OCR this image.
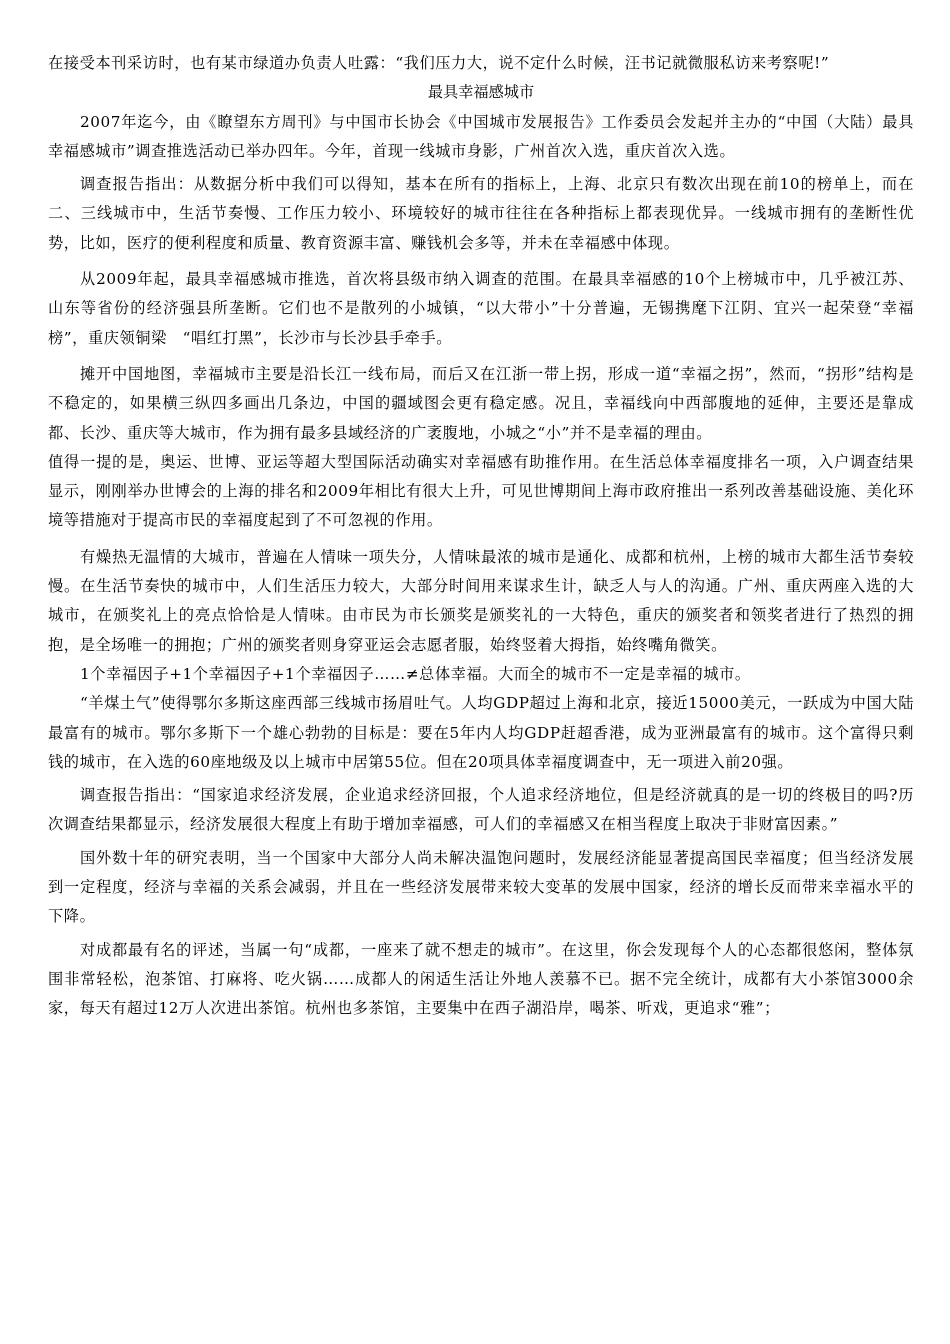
在接受本刊采访时，也有某市绿道办负责人吐露：“我们压力大，说不定什么时候，汪书记就微服私访来考察呢!”

最具幸福感城市

2007年迄今，由《瞭望东方周刊》与中国市长协会《中国城市发展报告》工作委员会发起并主办的“中国（大陆）最具幸福感城市”调查推选活动已举办四年。今年，首现一线城市身影，广州首次入选，重庆首次入选。

调查报告指出：从数据分析中我们可以得知，基本在所有的指标上，上海、北京只有数次出现在前10的榜单上，而在二、三线城市中，生活节奏慢、工作压力较小、环境较好的城市往往在各种指标上都表现优异。一线城市拥有的垄断性优势，比如，医疗的便利程度和质量、教育资源丰富、赚钱机会多等，并未在幸福感中体现。

从2009年起，最具幸福感城市推选，首次将县级市纳入调查的范围。在最具幸福感的10个上榜城市中，几乎被江苏、山东等省份的经济强县所垄断。它们也不是散列的小城镇，“以大带小”十分普遍，无锡携麾下江阴、宜兴一起荣登“幸福榜”，重庆领铜梁　“唱红打黑”，长沙市与长沙县手牵手。

摊开中国地图，幸福城市主要是沿长江一线布局，而后又在江浙一带上拐，形成一道“幸福之拐”，然而，“拐形”结构是不稳定的，如果横三纵四多画出几条边，中国的疆域图会更有稳定感。况且，幸福线向中西部腹地的延伸，主要还是靠成都、长沙、重庆等大城市，作为拥有最多县域经济的广袤腹地，小城之“小”并不是幸福的理由。

值得一提的是，奥运、世博、亚运等超大型国际活动确实对幸福感有助推作用。在生活总体幸福度排名一项，入户调查结果显示，刚刚举办世博会的上海的排名和2009年相比有很大上升，可见世博期间上海市政府推出一系列改善基础设施、美化环境等措施对于提高市民的幸福度起到了不可忽视的作用。

有燥热无温情的大城市，普遍在人情味一项失分，人情味最浓的城市是通化、成都和杭州，上榜的城市大都生活节奏较慢。在生活节奏快的城市中，人们生活压力较大，大部分时间用来谋求生计，缺乏人与人的沟通。广州、重庆两座入选的大城市，在颁奖礼上的亮点恰恰是人情味。由市民为市长颁奖是颁奖礼的一大特色，重庆的颁奖者和领奖者进行了热烈的拥抱，是全场唯一的拥抱；广州的颁奖者则身穿亚运会志愿者服，始终竖着大拇指，始终嘴角微笑。

1个幸福因子+1个幸福因子+1个幸福因子……≠总体幸福。大而全的城市不一定是幸福的城市。

“羊煤土气”使得鄂尔多斯这座西部三线城市扬眉吐气。人均GDP超过上海和北京，接近15000美元，一跃成为中国大陆最富有的城市。鄂尔多斯下一个雄心勃勃的目标是：要在5年内人均GDP赶超香港，成为亚洲最富有的城市。这个富得只剩钱的城市，在入选的60座地级及以上城市中居第55位。但在20项具体幸福度调查中，无一项进入前20强。

调查报告指出：“国家追求经济发展，企业追求经济回报，个人追求经济地位，但是经济就真的是一切的终极目的吗?历次调查结果都显示，经济发展很大程度上有助于增加幸福感，可人们的幸福感又在相当程度上取决于非财富因素。”

国外数十年的研究表明，当一个国家中大部分人尚未解决温饱问题时，发展经济能显著提高国民幸福度；但当经济发展到一定程度，经济与幸福的关系会减弱，并且在一些经济发展带来较大变革的发展中国家，经济的增长反而带来幸福水平的下降。

对成都最有名的评述，当属一句“成都，一座来了就不想走的城市”。在这里，你会发现每个人的心态都很悠闲，整体氛围非常轻松，泡茶馆、打麻将、吃火锅……成都人的闲适生活让外地人羡慕不已。据不完全统计，成都有大小茶馆3000余家，每天有超过12万人次进出茶馆。杭州也多茶馆，主要集中在西子湖沿岸，喝茶、听戏，更追求“雅”；
